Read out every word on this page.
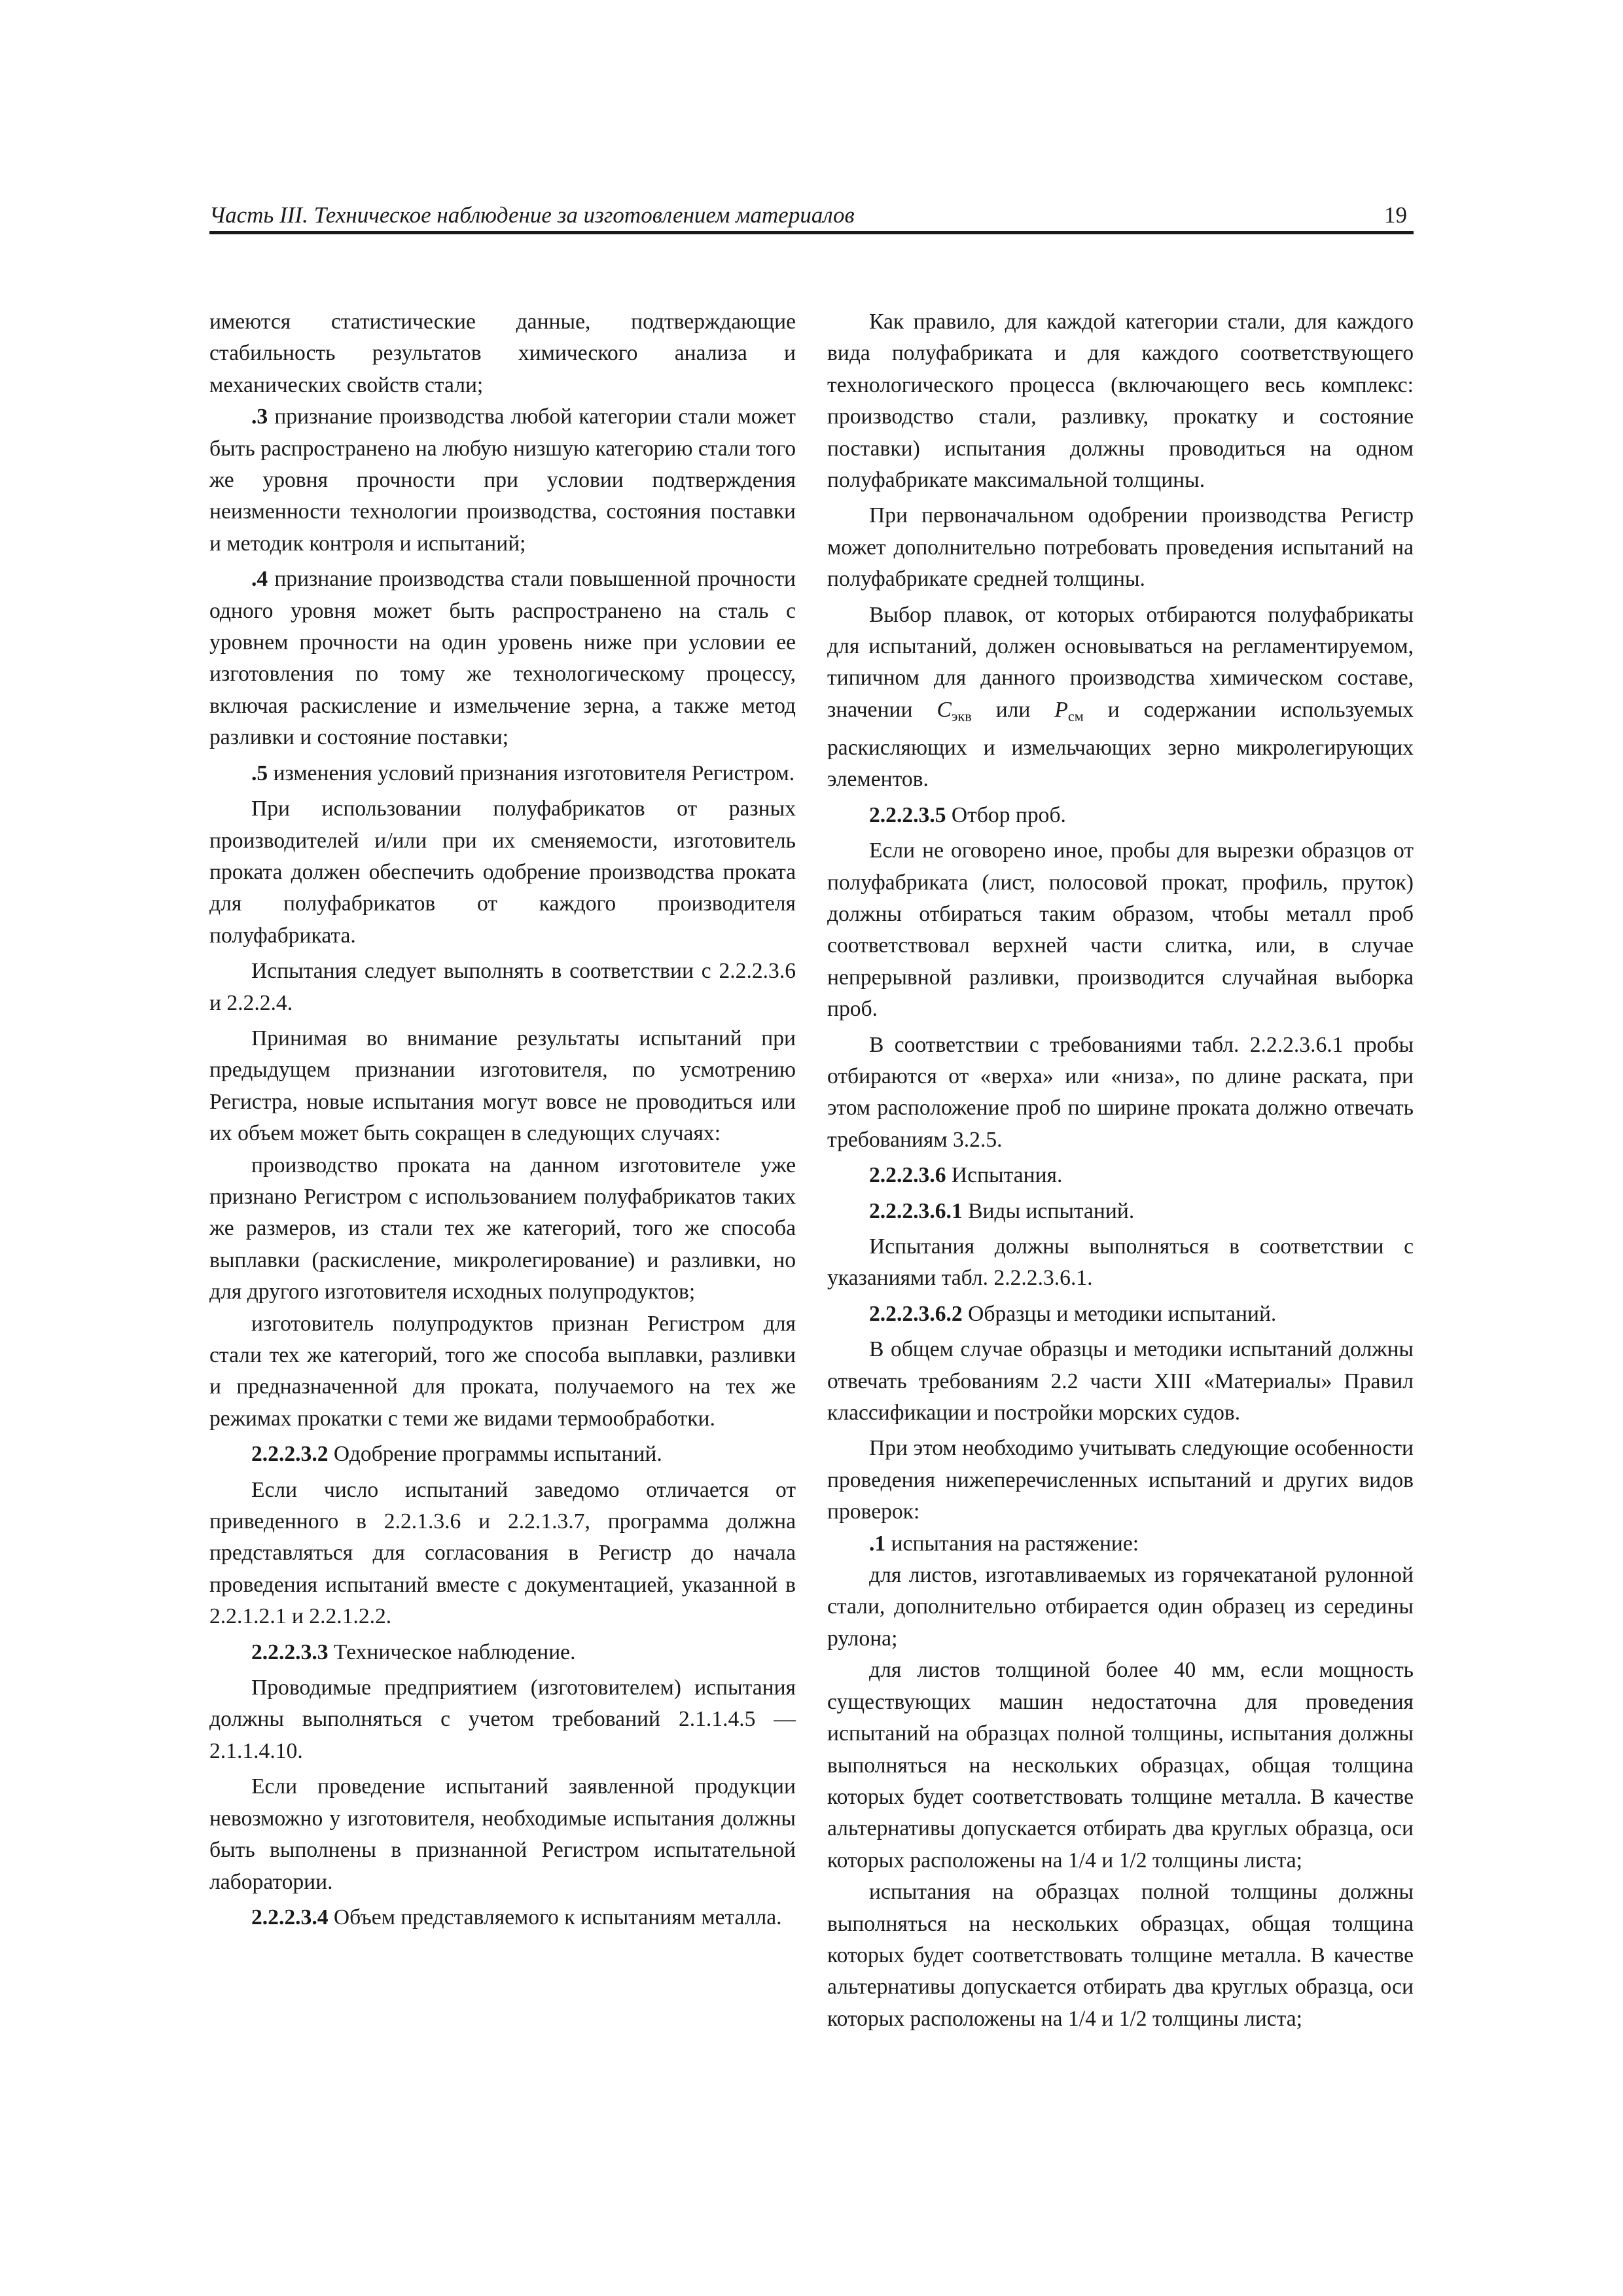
Часть III. Техническое наблюдение за изготовлением материалов	19

имеются статистические данные, подтверждающие стабильность результатов химического анализа и механических свойств стали;

.3 признание производства любой категории стали может быть распространено на любую низшую категорию стали того же уровня прочности при условии подтверждения неизменности технологии производства, состояния поставки и методик контроля и испытаний;

.4 признание производства стали повышенной прочности одного уровня может быть распространено на сталь с уровнем прочности на один уровень ниже при условии ее изготовления по тому же технологическому процессу, включая раскисление и измельчение зерна, а также метод разливки и состояние поставки;

.5 изменения условий признания изготовителя Регистром.

При использовании полуфабрикатов от разных производителей и/или при их сменяемости, изготовитель проката должен обеспечить одобрение производства проката для полуфабрикатов от каждого производителя полуфабриката.

Испытания следует выполнять в соответствии с 2.2.2.3.6 и 2.2.2.4.

Принимая во внимание результаты испытаний при предыдущем признании изготовителя, по усмотрению Регистра, новые испытания могут вовсе не проводиться или их объем может быть сокращен в следующих случаях:

производство проката на данном изготовителе уже признано Регистром с использованием полуфабрикатов таких же размеров, из стали тех же категорий, того же способа выплавки (раскисление, микролегирование) и разливки, но для другого изготовителя исходных полупродуктов;

изготовитель полупродуктов признан Регистром для стали тех же категорий, того же способа выплавки, разливки и предназначенной для проката, получаемого на тех же режимах прокатки с теми же видами термообработки.

2.2.2.3.2 Одобрение программы испытаний.

Если число испытаний заведомо отличается от приведенного в 2.2.1.3.6 и 2.2.1.3.7, программа должна представляться для согласования в Регистр до начала проведения испытаний вместе с документацией, указанной в 2.2.1.2.1 и 2.2.1.2.2.

2.2.2.3.3 Техническое наблюдение.

Проводимые предприятием (изготовителем) испытания должны выполняться с учетом требований 2.1.1.4.5 — 2.1.1.4.10.

Если проведение испытаний заявленной продукции невозможно у изготовителя, необходимые испытания должны быть выполнены в признанной Регистром испытательной лаборатории.

2.2.2.3.4 Объем представляемого к испытаниям металла.

Как правило, для каждой категории стали, для каждого вида полуфабриката и для каждого соответствующего технологического процесса (включающего весь комплекс: производство стали, разливку, прокатку и состояние поставки) испытания должны проводиться на одном полуфабрикате максимальной толщины.

При первоначальном одобрении производства Регистр может дополнительно потребовать проведения испытаний на полуфабрикате средней толщины.

Выбор плавок, от которых отбираются полуфабрикаты для испытаний, должен основываться на регламентируемом, типичном для данного производства химическом составе, значении $C_{экв}$ или $P_{см}$ и содержании используемых раскисляющих и измельчающих зерно микролегирующих элементов.

2.2.2.3.5 Отбор проб.

Если не оговорено иное, пробы для вырезки образцов от полуфабриката (лист, полосовой прокат, профиль, пруток) должны отбираться таким образом, чтобы металл проб соответствовал верхней части слитка, или, в случае непрерывной разливки, производится случайная выборка проб.

В соответствии с требованиями табл. 2.2.2.3.6.1 пробы отбираются от «верха» или «низа», по длине раската, при этом расположение проб по ширине проката должно отвечать требованиям 3.2.5.

2.2.2.3.6 Испытания.

2.2.2.3.6.1 Виды испытаний.

Испытания должны выполняться в соответствии с указаниями табл. 2.2.2.3.6.1.

2.2.2.3.6.2 Образцы и методики испытаний.

В общем случае образцы и методики испытаний должны отвечать требованиям 2.2 части XIII «Материалы» Правил классификации и постройки морских судов.

При этом необходимо учитывать следующие особенности проведения нижеперечисленных испытаний и других видов проверок:

.1 испытания на растяжение:

для листов, изготавливаемых из горячекатаной рулонной стали, дополнительно отбирается один образец из середины рулона;

для листов толщиной более 40 мм, если мощность существующих машин недостаточна для проведения испытаний на образцах полной толщины, испытания должны выполняться на нескольких образцах, общая толщина которых будет соответствовать толщине металла. В качестве альтернативы допускается отбирать два круглых образца, оси которых расположены на 1/4 и 1/2 толщины листа;

испытания на образцах полной толщины должны выполняться на нескольких образцах, общая толщина которых будет соответствовать толщине металла. В качестве альтернативы допускается отбирать два круглых образца, оси которых расположены на 1/4 и 1/2 толщины листа;
